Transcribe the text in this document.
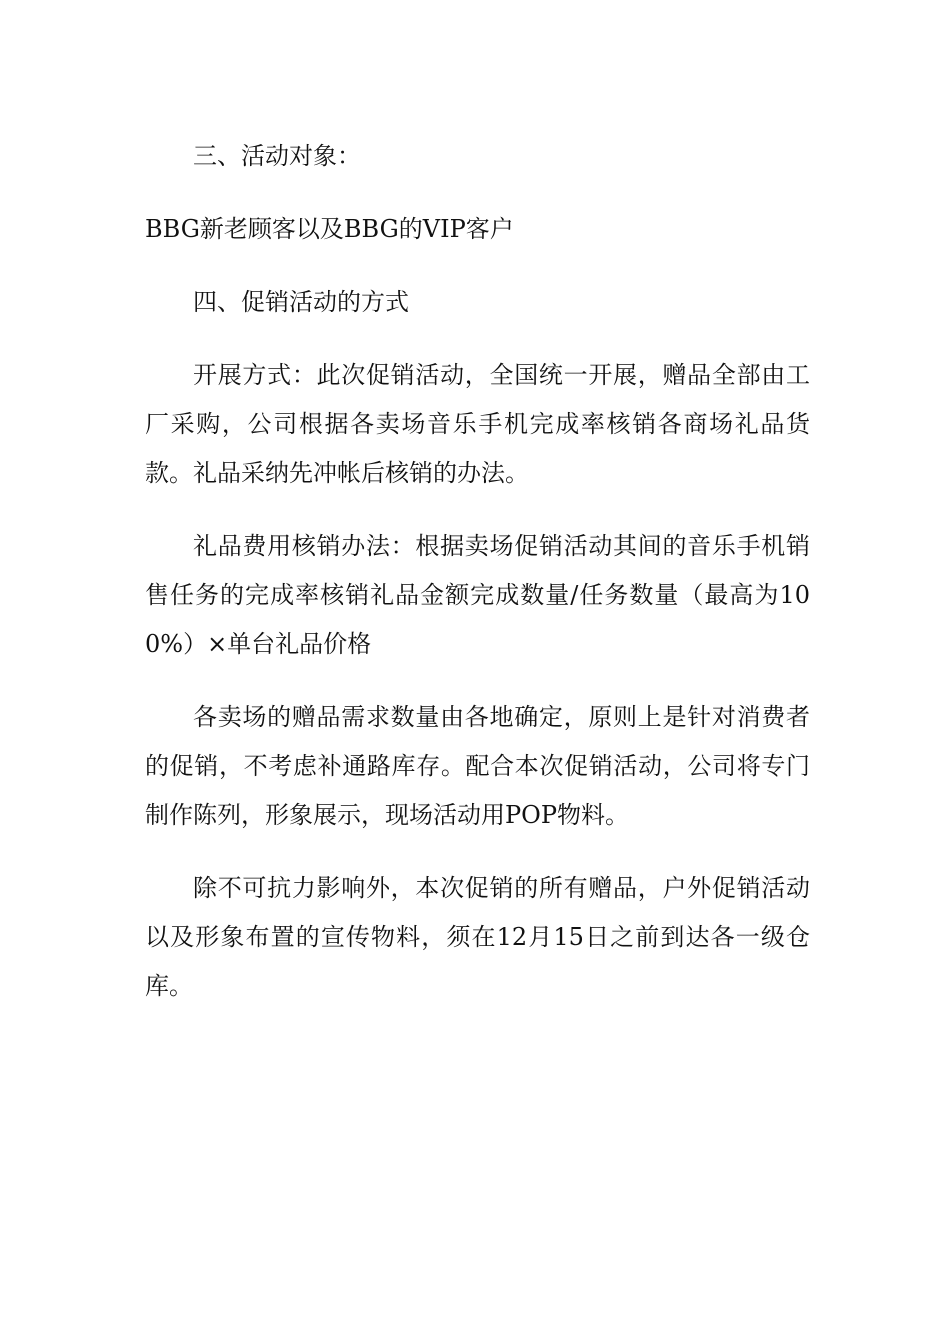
三、活动对象：

BBG新老顾客以及BBG的VIP客户

四、促销活动的方式

开展方式：此次促销活动，全国统一开展，赠品全部由工厂采购，公司根据各卖场音乐手机完成率核销各商场礼品货款。礼品采纳先冲帐后核销的办法。

礼品费用核销办法：根据卖场促销活动其间的音乐手机销售任务的完成率核销礼品金额完成数量/任务数量（最高为100%）×单台礼品价格

各卖场的赠品需求数量由各地确定，原则上是针对消费者的促销，不考虑补通路库存。配合本次促销活动，公司将专门制作陈列，形象展示，现场活动用POP物料。

除不可抗力影响外，本次促销的所有赠品，户外促销活动以及形象布置的宣传物料，须在12月15日之前到达各一级仓库。
